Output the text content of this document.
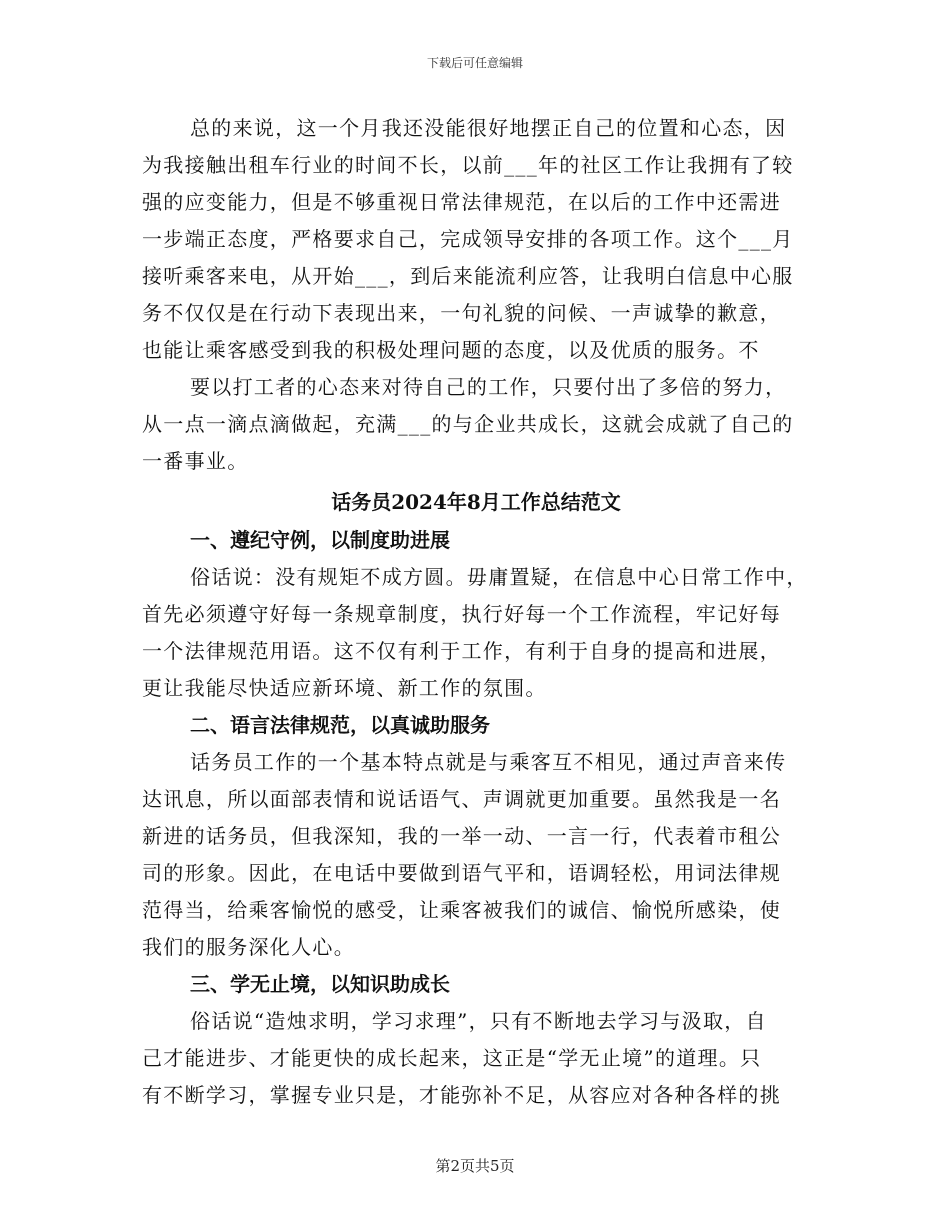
下载后可任意编辑
总的来说，这一个月我还没能很好地摆正自己的位置和心态，因
为我接触出租车行业的时间不长，以前___年的社区工作让我拥有了较
强的应变能力，但是不够重视日常法律规范，在以后的工作中还需进
一步端正态度，严格要求自己，完成领导安排的各项工作。这个___月
接听乘客来电，从开始___，到后来能流利应答，让我明白信息中心服
务不仅仅是在行动下表现出来，一句礼貌的问候、一声诚挚的歉意，
也能让乘客感受到我的积极处理问题的态度，以及优质的服务。不
要以打工者的心态来对待自己的工作，只要付出了多倍的努力，
从一点一滴点滴做起，充满___的与企业共成长，这就会成就了自己的
一番事业。
话务员2024年8月工作总结范文
一、遵纪守例，以制度助进展
俗话说：没有规矩不成方圆。毋庸置疑，在信息中心日常工作中，
首先必须遵守好每一条规章制度，执行好每一个工作流程，牢记好每
一个法律规范用语。这不仅有利于工作，有利于自身的提高和进展，
更让我能尽快适应新环境、新工作的氛围。
二、语言法律规范，以真诚助服务
话务员工作的一个基本特点就是与乘客互不相见，通过声音来传
达讯息，所以面部表情和说话语气、声调就更加重要。虽然我是一名
新进的话务员，但我深知，我的一举一动、一言一行，代表着市租公
司的形象。因此，在电话中要做到语气平和，语调轻松，用词法律规
范得当，给乘客愉悦的感受，让乘客被我们的诚信、愉悦所感染，使
我们的服务深化人心。
三、学无止境，以知识助成长
俗话说“造烛求明，学习求理”，只有不断地去学习与汲取，自
己才能进步、才能更快的成长起来，这正是“学无止境”的道理。只
有不断学习，掌握专业只是，才能弥补不足，从容应对各种各样的挑
第2页共5页
